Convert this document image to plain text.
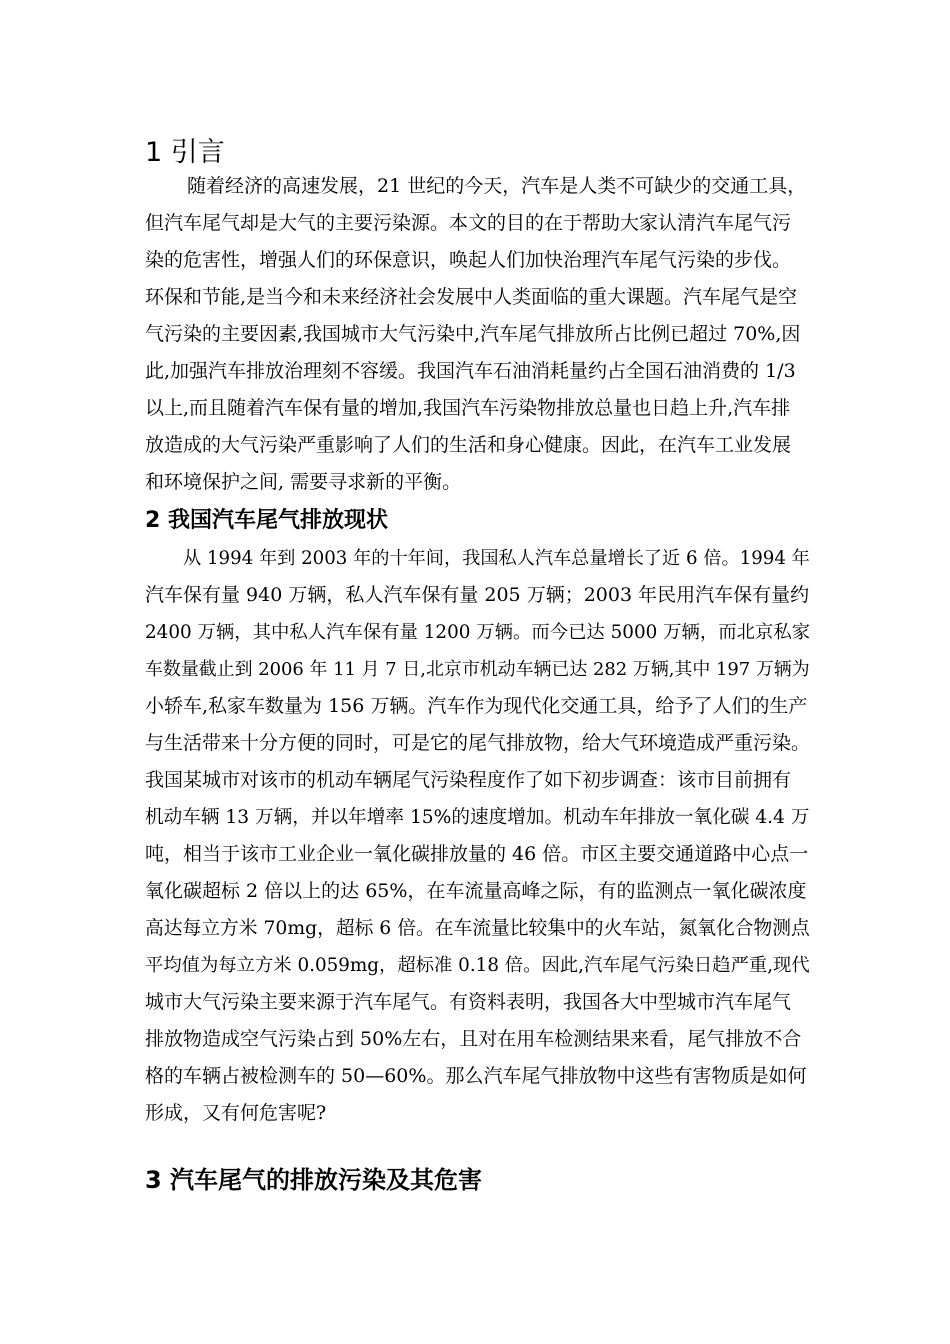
1 引言
随着经济的高速发展，21 世纪的今天，汽车是人类不可缺少的交通工具，
但汽车尾气却是大气的主要污染源。本文的目的在于帮助大家认清汽车尾气污
染的危害性，增强人们的环保意识，唤起人们加快治理汽车尾气污染的步伐。
环保和节能,是当今和未来经济社会发展中人类面临的重大课题。汽车尾气是空
气污染的主要因素,我国城市大气污染中,汽车尾气排放所占比例已超过 70%,因
此,加强汽车排放治理刻不容缓。我国汽车石油消耗量约占全国石油消费的 1/3
以上,而且随着汽车保有量的增加,我国汽车污染物排放总量也日趋上升,汽车排
放造成的大气污染严重影响了人们的生活和身心健康。因此，在汽车工业发展
和环境保护之间, 需要寻求新的平衡。
2 我国汽车尾气排放现状
从 1994 年到 2003 年的十年间，我国私人汽车总量增长了近 6 倍。1994 年
汽车保有量 940 万辆，私人汽车保有量 205 万辆；2003 年民用汽车保有量约
2400 万辆，其中私人汽车保有量 1200 万辆。而今已达 5000 万辆，而北京私家
车数量截止到 2006 年 11 月 7 日,北京市机动车辆已达 282 万辆,其中 197 万辆为
小轿车,私家车数量为 156 万辆。汽车作为现代化交通工具，给予了人们的生产
与生活带来十分方便的同时，可是它的尾气排放物，给大气环境造成严重污染。
我国某城市对该市的机动车辆尾气污染程度作了如下初步调查：该市目前拥有
机动车辆 13 万辆，并以年增率 15%的速度增加。机动车年排放一氧化碳 4.4 万
吨，相当于该市工业企业一氧化碳排放量的 46 倍。市区主要交通道路中心点一
氧化碳超标 2 倍以上的达 65%，在车流量高峰之际，有的监测点一氧化碳浓度
高达每立方米 70mg，超标 6 倍。在车流量比较集中的火车站，氮氧化合物测点
平均值为每立方米 0.059mg，超标准 0.18 倍。因此,汽车尾气污染日趋严重,现代
城市大气污染主要来源于汽车尾气。有资料表明，我国各大中型城市汽车尾气
排放物造成空气污染占到 50%左右，且对在用车检测结果来看，尾气排放不合
格的车辆占被检测车的 50—60%。那么汽车尾气排放物中这些有害物质是如何
形成，又有何危害呢?
3 汽车尾气的排放污染及其危害
